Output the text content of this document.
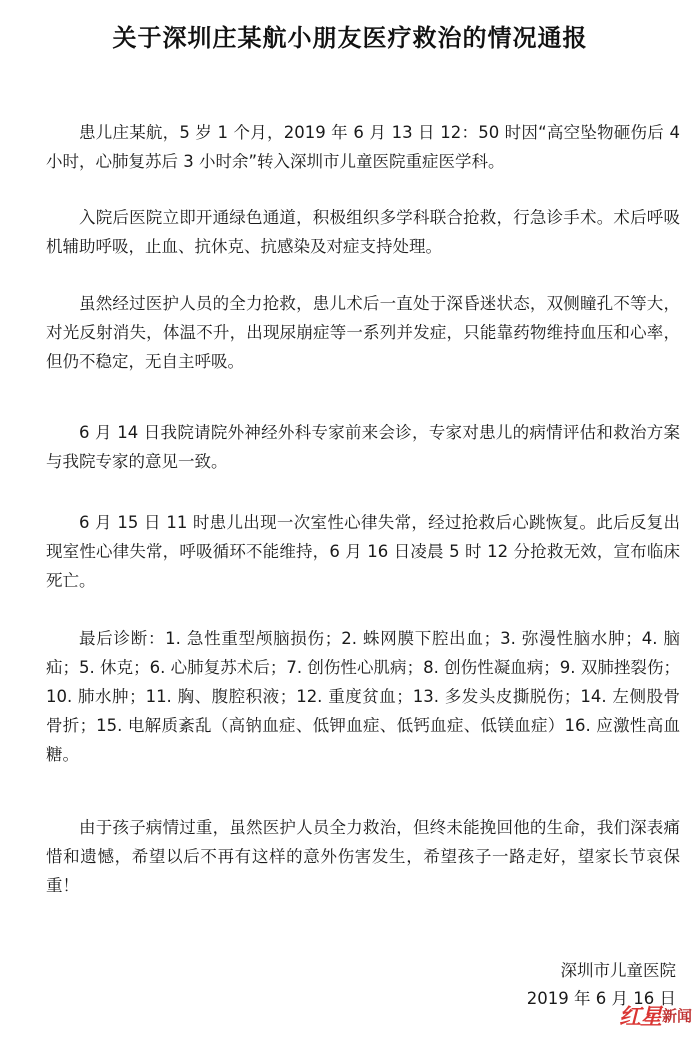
关于深圳庄某航小朋友医疗救治的情况通报

患儿庄某航，5 岁 1 个月，2019 年 6 月 13 日 12：50 时因“高空坠物砸伤后 4 小时，心肺复苏后 3 小时余”转入深圳市儿童医院重症医学科。

入院后医院立即开通绿色通道，积极组织多学科联合抢救，行急诊手术。术后呼吸机辅助呼吸，止血、抗休克、抗感染及对症支持处理。

虽然经过医护人员的全力抢救，患儿术后一直处于深昏迷状态，双侧瞳孔不等大，对光反射消失，体温不升，出现尿崩症等一系列并发症，只能靠药物维持血压和心率，但仍不稳定，无自主呼吸。

6 月 14 日我院请院外神经外科专家前来会诊，专家对患儿的病情评估和救治方案与我院专家的意见一致。

6 月 15 日 11 时患儿出现一次室性心律失常，经过抢救后心跳恢复。此后反复出现室性心律失常，呼吸循环不能维持，6 月 16 日凌晨 5 时 12 分抢救无效，宣布临床死亡。

最后诊断：1. 急性重型颅脑损伤；2. 蛛网膜下腔出血；3. 弥漫性脑水肿；4. 脑疝；5. 休克；6. 心肺复苏术后；7. 创伤性心肌病；8. 创伤性凝血病；9. 双肺挫裂伤；10. 肺水肿；11. 胸、腹腔积液；12. 重度贫血；13. 多发头皮撕脱伤；14. 左侧股骨骨折；15. 电解质紊乱（高钠血症、低钾血症、低钙血症、低镁血症）16. 应激性高血糖。

由于孩子病情过重，虽然医护人员全力救治，但终未能挽回他的生命，我们深表痛惜和遗憾，希望以后不再有这样的意外伤害发生，希望孩子一路走好，望家长节哀保重！

深圳市儿童医院

2019 年 6 月 16 日

红星 新闻
